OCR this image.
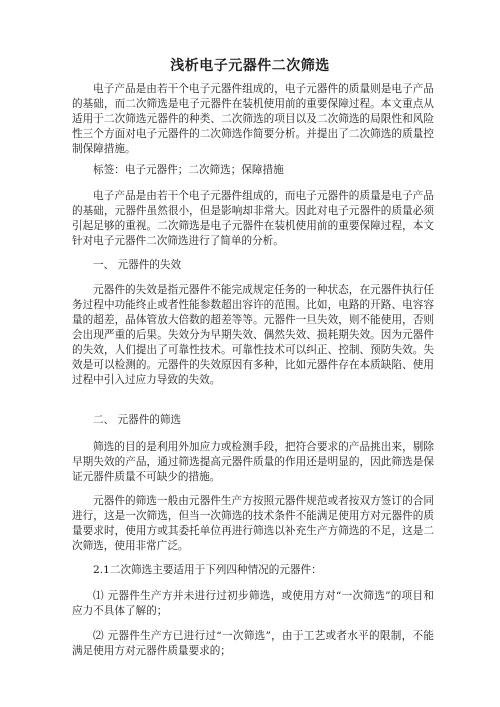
浅析电子元器件二次筛选

电子产品是由若干个电子元器件组成的，电子元器件的质量则是电子产品的基础，而二次筛选是电子元器件在装机使用前的重要保障过程。本文重点从适用于二次筛选元器件的种类、二次筛选的项目以及二次筛选的局限性和风险性三个方面对电子元器件的二次筛选作简要分析。并提出了二次筛选的质量控制保障措施。

标签：电子元器件；二次筛选；保障措施

电子产品是由若干个电子元器件组成的，而电子元器件的质量是电子产品的基础，元器件虽然很小，但是影响却非常大。因此对电子元器件的质量必须引起足够的重视。二次筛选是电子元器件在装机使用前的重要保障过程，本文针对电子元器件二次筛选进行了简单的分析。

一、 元器件的失效

元器件的失效是指元器件不能完成规定任务的一种状态，在元器件执行任务过程中功能终止或者性能参数超出容许的范围。比如，电路的开路、电容容量的超差，晶体管放大倍数的超差等等。元器件一旦失效，则不能使用，否则会出现严重的后果。失效分为早期失效、偶然失效、损耗期失效。因为元器件的失效，人们提出了可靠性技术。可靠性技术可以纠正、控制、预防失效。失效是可以检测的。元器件的失效原因有多种，比如元器件存在本质缺陷、使用过程中引入过应力导致的失效。

二、 元器件的筛选

筛选的目的是利用外加应力或检测手段，把符合要求的产品挑出来，剔除早期失效的产品，通过筛选提高元器件质量的作用还是明显的，因此筛选是保证元器件质量不可缺少的措施。

元器件的筛选一般由元器件生产方按照元器件规范或者按双方签订的合同进行，这是一次筛选，但当一次筛选的技术条件不能满足使用方对元器件的质量要求时，使用方或其委托单位再进行筛选以补充生产方筛选的不足，这是二次筛选，使用非常广泛。

2.1二次筛选主要适用于下列四种情况的元器件：

⑴ 元器件生产方并未进行过初步筛选，或使用方对“一次筛选”的项目和应力不具体了解的；

⑵ 元器件生产方已进行过“一次筛选”，由于工艺或者水平的限制，不能满足使用方对元器件质量要求的；
